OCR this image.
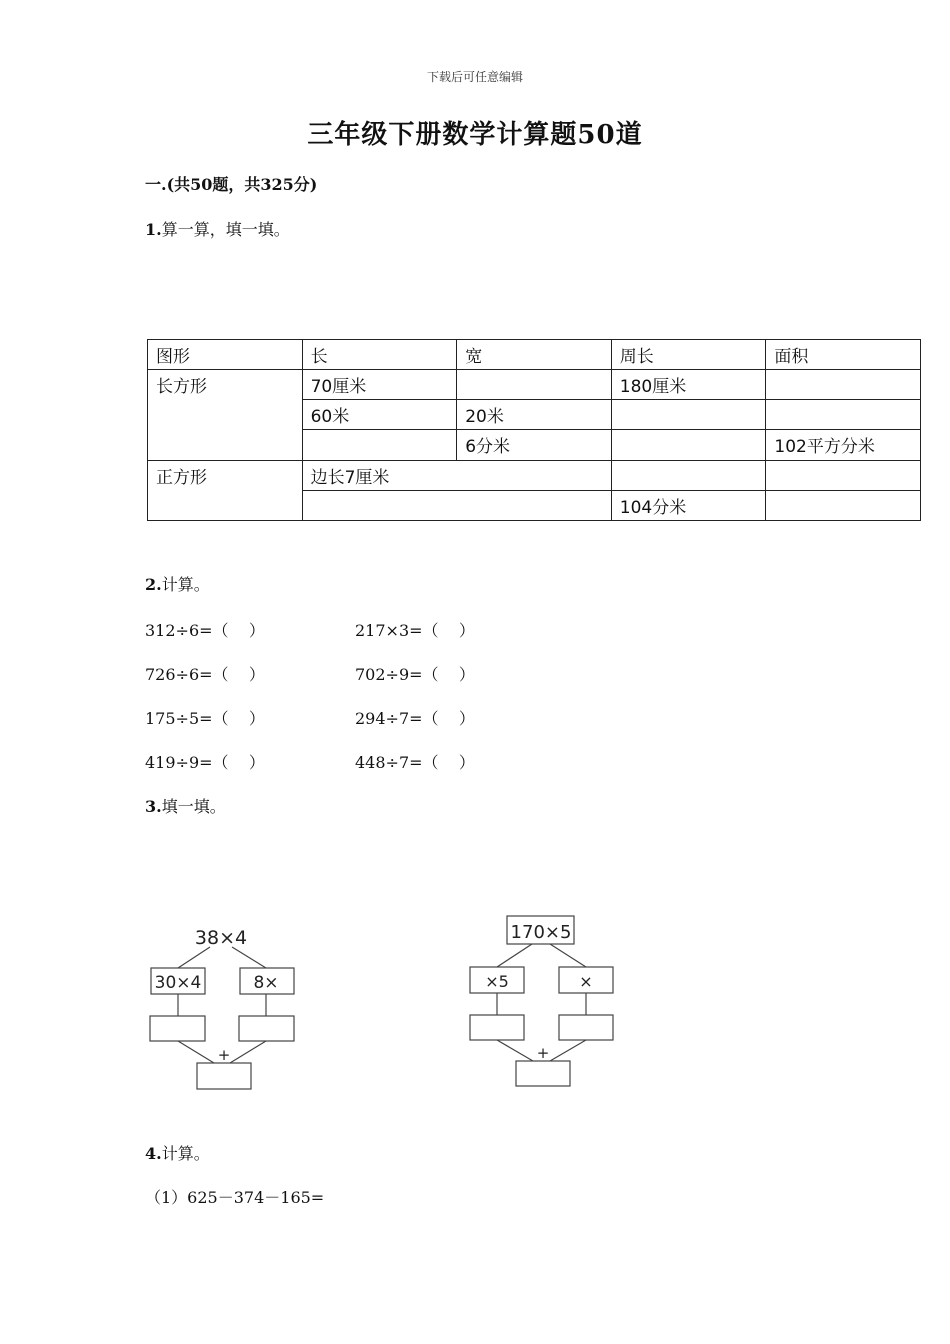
下载后可任意编辑
三年级下册数学计算题50道
一.(共50题，共325分)
1.算一算，填一填。
图形	长	宽	周长	面积
长方形	70厘米		180厘米	
	60米	20米		
		6分米		102平方分米
正方形	边长7厘米			
			104分米	
2.计算。
312÷6=（    ）	217×3=（    ）
726÷6=（    ）	702÷9=（    ）
175÷5=（    ）	294÷7=（    ）
419÷9=（    ）	448÷7=（    ）
3.填一填。
38×4
30×4	8×
+
170×5
×5	×
+
4.计算。
（1）625－374－165=
